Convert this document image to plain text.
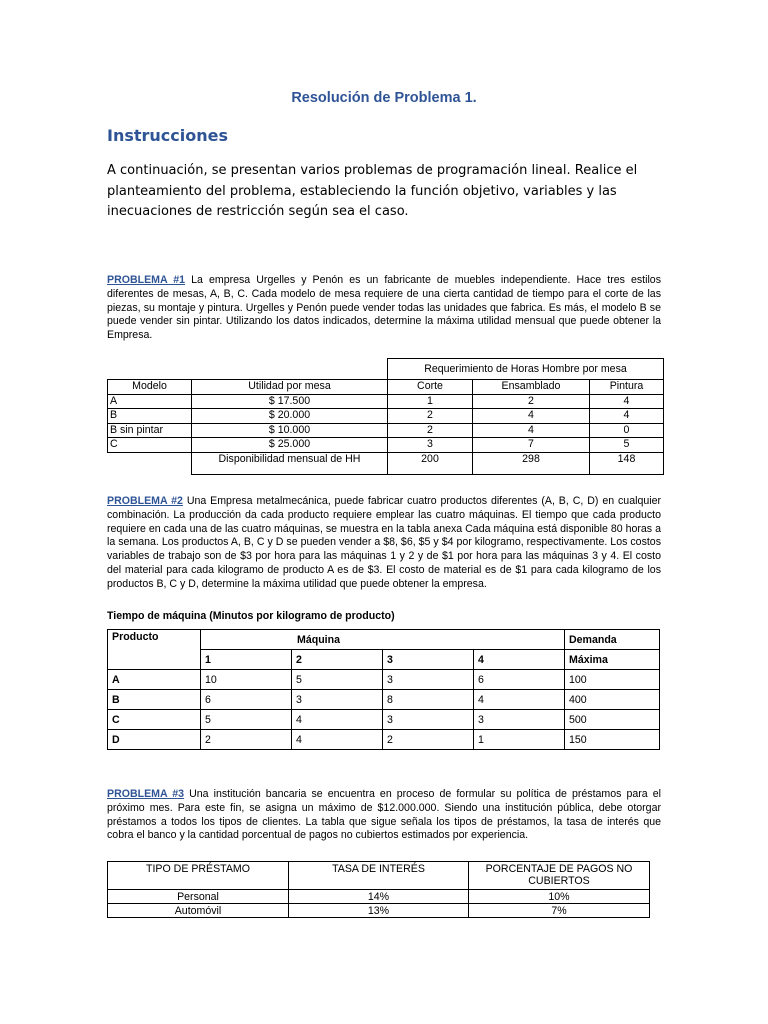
Resolución de Problema 1.
Instrucciones
A continuación, se presentan varios problemas de programación lineal. Realice el planteamiento del problema, estableciendo la función objetivo, variables y las inecuaciones de restricción según sea el caso.
PROBLEMA #1 La empresa Urgelles y Penón es un fabricante de muebles independiente. Hace tres estilos diferentes de mesas, A, B, C. Cada modelo de mesa requiere de una cierta cantidad de tiempo para el corte de las piezas, su montaje y pintura. Urgelles y Penón puede vender todas las unidades que fabrica. Es más, el modelo B se puede vender sin pintar. Utilizando los datos indicados, determine la máxima utilidad mensual que puede obtener la Empresa.
		Requerimiento de Horas Hombre por mesa		
Modelo	Utilidad por mesa	Corte	Ensamblado	Pintura
A	$ 17.500	1	2	4
B	$ 20.000	2	4	4
B sin pintar	$ 10.000	2	4	0
C	$ 25.000	3	7	5
	Disponibilidad mensual de HH	200	298	148
PROBLEMA #2 Una Empresa metalmecánica, puede fabricar cuatro productos diferentes (A, B, C, D) en cualquier combinación. La producción da cada producto requiere emplear las cuatro máquinas. El tiempo que cada producto requiere en cada una de las cuatro máquinas, se muestra en la tabla anexa Cada máquina está disponible 80 horas a la semana. Los productos A, B, C y D se pueden vender a $8, $6, $5 y $4 por kilogramo, respectivamente. Los costos variables de trabajo son de $3 por hora para las máquinas 1 y 2 y de $1 por hora para las máquinas 3 y 4. El costo del material para cada kilogramo de producto A es de $3. El costo de material es de $1 para cada kilogramo de los productos B, C y D, determine la máxima utilidad que puede obtener la empresa.
Tiempo de máquina (Minutos por kilogramo de producto)
Producto	Máquina				Demanda
	1	2	3	4	Máxima
A	10	5	3	6	100
B	6	3	8	4	400
C	5	4	3	3	500
D	2	4	2	1	150
PROBLEMA #3 Una institución bancaria se encuentra en proceso de formular su política de préstamos para el próximo mes. Para este fin, se asigna un máximo de $12.000.000. Siendo una institución pública, debe otorgar préstamos a todos los tipos de clientes. La tabla que sigue señala los tipos de préstamos, la tasa de interés que cobra el banco y la cantidad porcentual de pagos no cubiertos estimados por experiencia.
TIPO DE PRÉSTAMO	TASA DE INTERÉS	PORCENTAJE DE PAGOS NO CUBIERTOS
Personal	14%	10%
Automóvil	13%	7%
